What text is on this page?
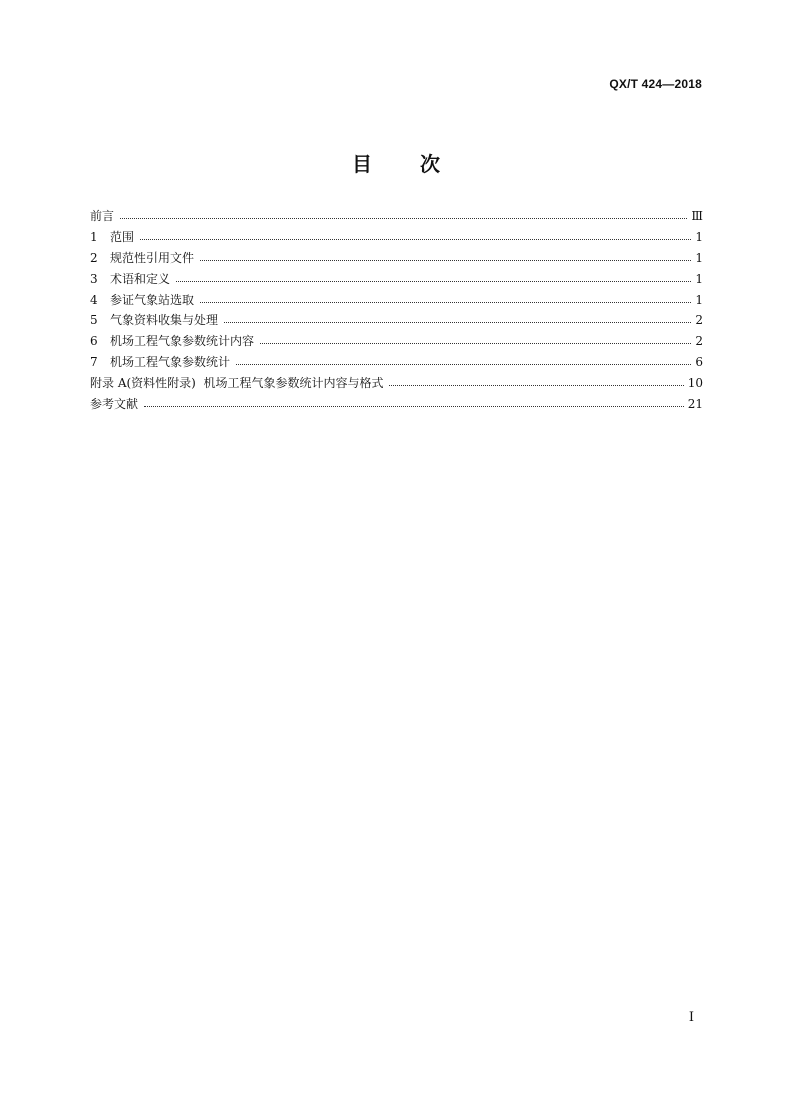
QX/T 424—2018
目 次
前言	Ⅲ
1	范围	1
2	规范性引用文件	1
3	术语和定义	1
4	参证气象站选取	1
5	气象资料收集与处理	2
6	机场工程气象参数统计内容	2
7	机场工程气象参数统计	6
附录 A(资料性附录)  机场工程气象参数统计内容与格式	10
参考文献	21
I
